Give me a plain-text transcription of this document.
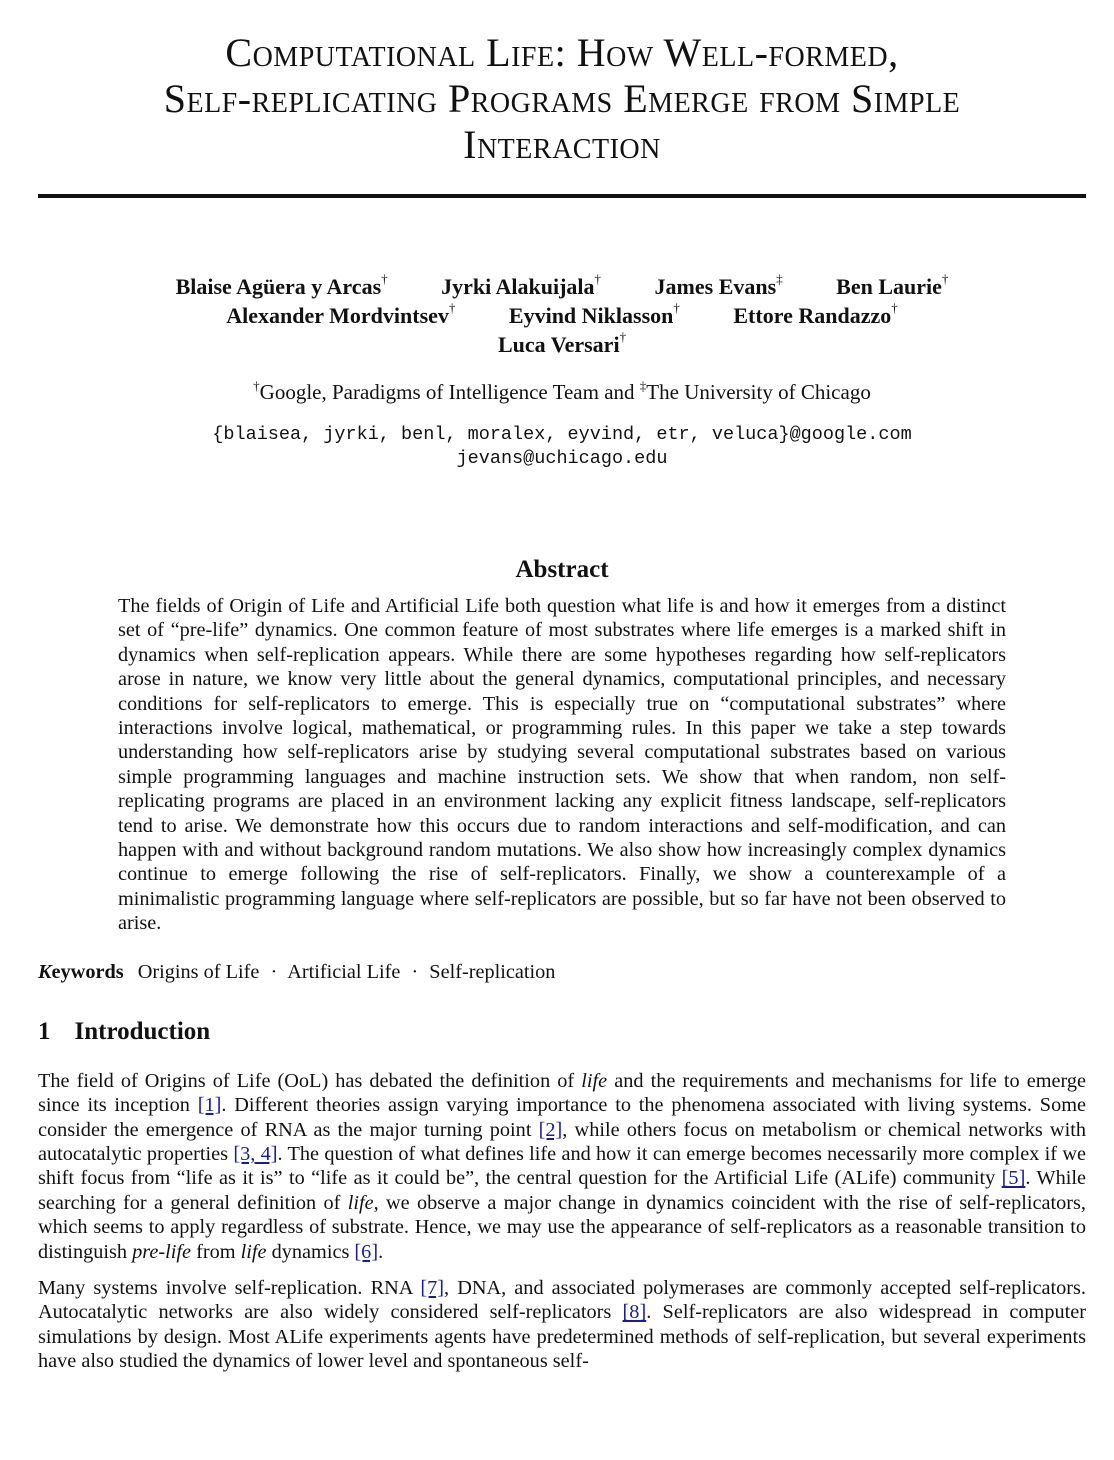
Computational Life: How Well-formed,
Self-replicating Programs Emerge from Simple
Interaction
Blaise Agüera y Arcas† Jyrki Alakuijala† James Evans‡ Ben Laurie†
Alexander Mordvintsev† Eyvind Niklasson† Ettore Randazzo†
Luca Versari†
†Google, Paradigms of Intelligence Team and ‡The University of Chicago
{blaisea, jyrki, benl, moralex, eyvind, etr, veluca}@google.com
jevans@uchicago.edu
Abstract
The fields of Origin of Life and Artificial Life both question what life is and how it emerges from a distinct set of “pre-life” dynamics. One common feature of most substrates where life emerges is a marked shift in dynamics when self-replication appears. While there are some hypotheses regarding how self-replicators arose in nature, we know very little about the general dynamics, computational principles, and necessary conditions for self-replicators to emerge. This is especially true on “computational substrates” where interactions involve logical, mathematical, or programming rules. In this paper we take a step towards understanding how self-replicators arise by studying several computational substrates based on various simple programming languages and machine instruction sets. We show that when random, non self-replicating programs are placed in an environment lacking any explicit fitness landscape, self-replicators tend to arise. We demonstrate how this occurs due to random interactions and self-modification, and can happen with and without background random mutations. We also show how increasingly complex dynamics continue to emerge following the rise of self-replicators. Finally, we show a counterexample of a minimalistic programming language where self-replicators are possible, but so far have not been observed to arise.
Keywords Origins of Life · Artificial Life · Self-replication
1 Introduction
The field of Origins of Life (OoL) has debated the definition of life and the requirements and mechanisms for life to emerge since its inception [1]. Different theories assign varying importance to the phenomena associated with living systems. Some consider the emergence of RNA as the major turning point [2], while others focus on metabolism or chemical networks with autocatalytic properties [3, 4]. The question of what defines life and how it can emerge becomes necessarily more complex if we shift focus from “life as it is” to “life as it could be”, the central question for the Artificial Life (ALife) community [5]. While searching for a general definition of life, we observe a major change in dynamics coincident with the rise of self-replicators, which seems to apply regardless of substrate. Hence, we may use the appearance of self-replicators as a reasonable transition to distinguish pre-life from life dynamics [6].
Many systems involve self-replication. RNA [7], DNA, and associated polymerases are commonly accepted self-replicators. Autocatalytic networks are also widely considered self-replicators [8]. Self-replicators are also widespread in computer simulations by design. Most ALife experiments agents have predetermined methods of self-replication, but several experiments have also studied the dynamics of lower level and spontaneous self-
